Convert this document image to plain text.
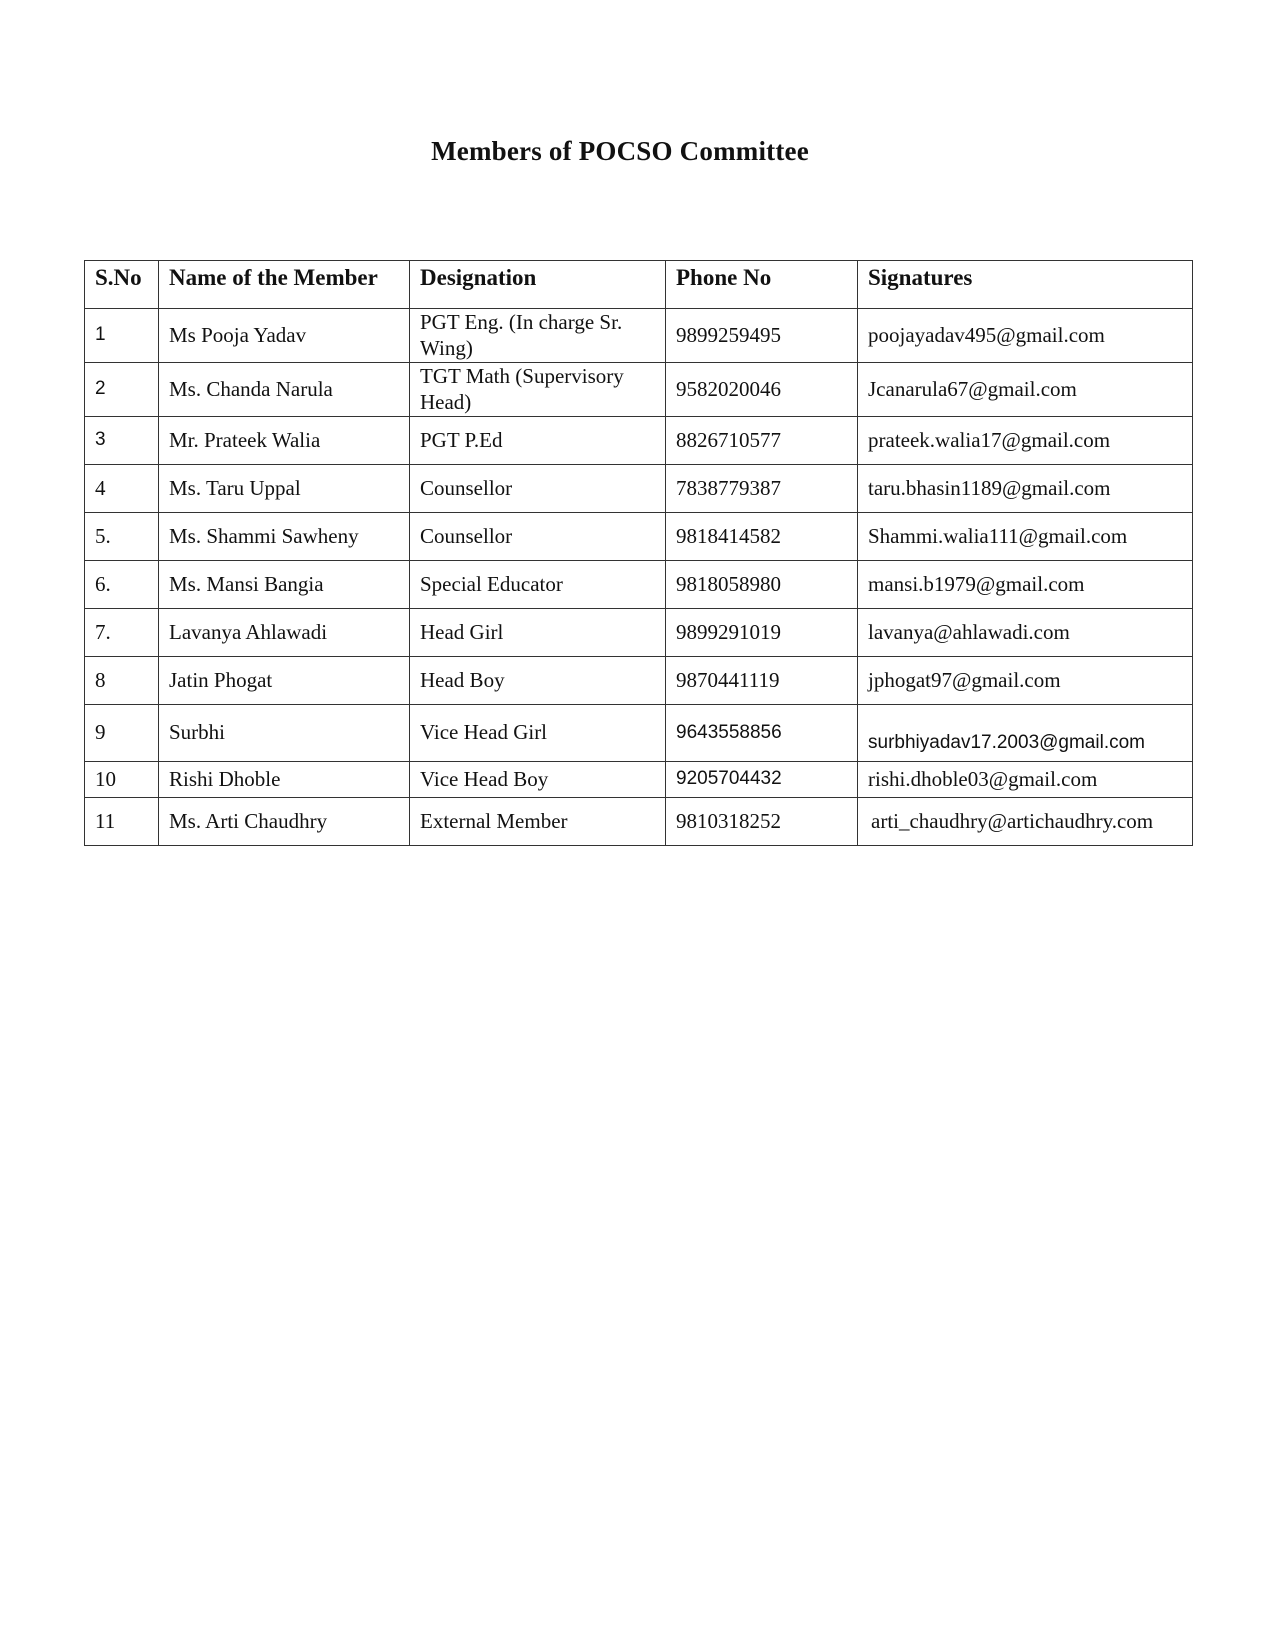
Members of POCSO Committee
S.No	Name of the Member	Designation	Phone No	Signatures
1	Ms Pooja Yadav	PGT Eng. (In charge Sr. Wing)	9899259495	poojayadav495@gmail.com
2	Ms. Chanda Narula	TGT Math (Supervisory Head)	9582020046	Jcanarula67@gmail.com
3	Mr. Prateek Walia	PGT P.Ed	8826710577	prateek.walia17@gmail.com
4	Ms. Taru Uppal	Counsellor	7838779387	taru.bhasin1189@gmail.com
5.	Ms. Shammi Sawheny	Counsellor	9818414582	Shammi.walia111@gmail.com
6.	Ms. Mansi Bangia	Special Educator	9818058980	mansi.b1979@gmail.com
7.	Lavanya Ahlawadi	Head Girl	9899291019	lavanya@ahlawadi.com
8	Jatin Phogat	Head Boy	9870441119	jphogat97@gmail.com
9	Surbhi	Vice Head Girl	9643558856	surbhiyadav17.2003@gmail.com
10	Rishi Dhoble	Vice Head Boy	9205704432	rishi.dhoble03@gmail.com
11	Ms. Arti Chaudhry	External Member	9810318252	arti_chaudhry@artichaudhry.com
